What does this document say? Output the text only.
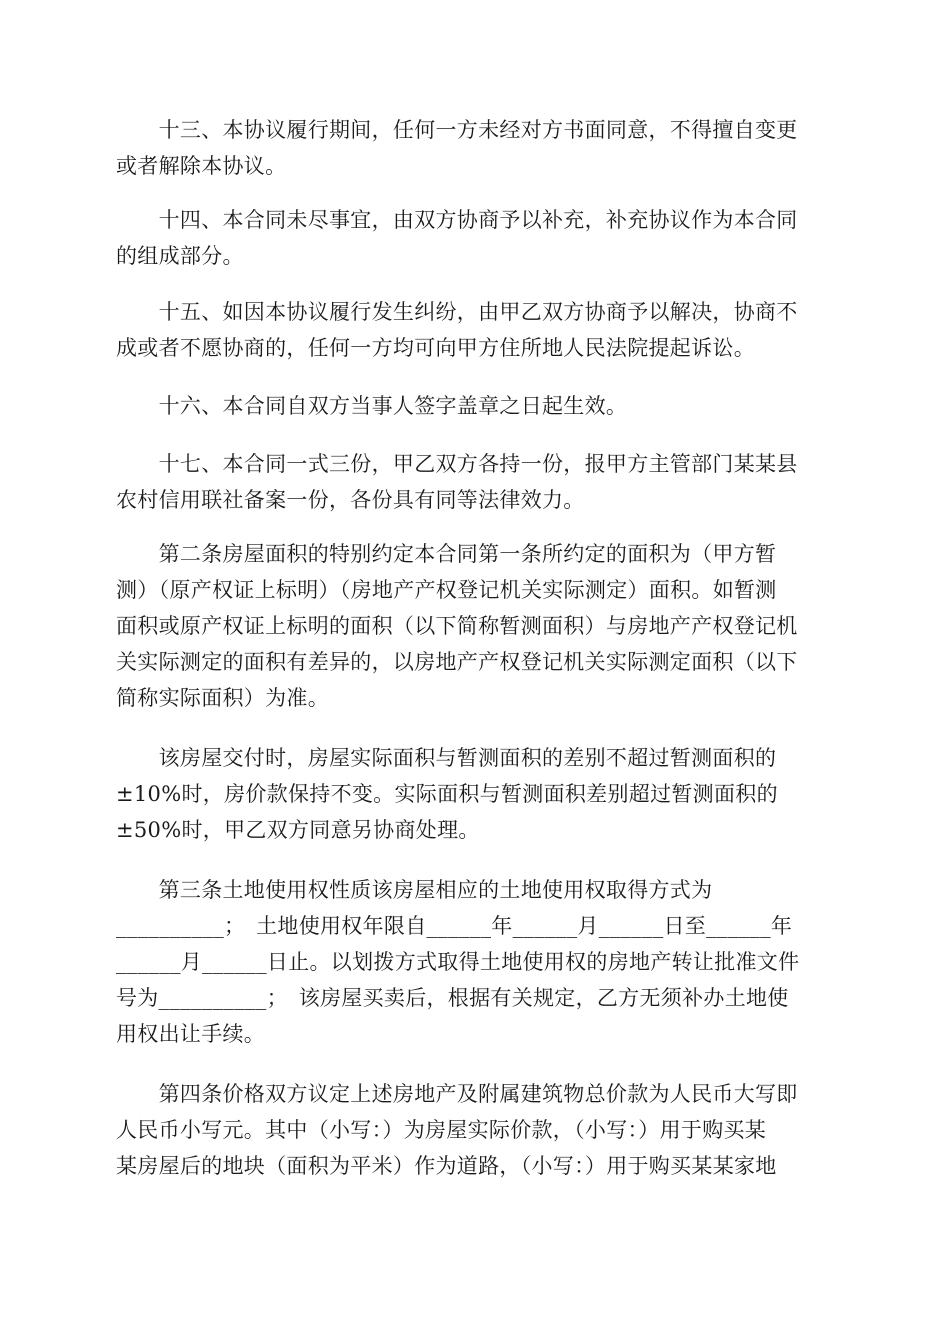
　　十三、本协议履行期间，任何一方未经对方书面同意，不得擅自变更
或者解除本协议。

　　十四、本合同未尽事宜，由双方协商予以补充，补充协议作为本合同
的组成部分。

　　十五、如因本协议履行发生纠纷，由甲乙双方协商予以解决，协商不
成或者不愿协商的，任何一方均可向甲方住所地人民法院提起诉讼。

　　十六、本合同自双方当事人签字盖章之日起生效。

　　十七、本合同一式三份，甲乙双方各持一份，报甲方主管部门某某县
农村信用联社备案一份，各份具有同等法律效力。

　　第二条房屋面积的特别约定本合同第一条所约定的面积为（甲方暂
测）（原产权证上标明）（房地产产权登记机关实际测定）面积。如暂测
面积或原产权证上标明的面积（以下简称暂测面积）与房地产产权登记机
关实际测定的面积有差异的，以房地产产权登记机关实际测定面积（以下
简称实际面积）为准。

　　该房屋交付时，房屋实际面积与暂测面积的差别不超过暂测面积的
±10%时，房价款保持不变。实际面积与暂测面积差别超过暂测面积的
±50%时，甲乙双方同意另协商处理。

　　第三条土地使用权性质该房屋相应的土地使用权取得方式为
__________；　土地使用权年限自______年______月______日至______年
______月______日止。以划拨方式取得土地使用权的房地产转让批准文件
号为__________；　该房屋买卖后，根据有关规定，乙方无须补办土地使
用权出让手续。

　　第四条价格双方议定上述房地产及附属建筑物总价款为人民币大写即
人民币小写元。其中（小写：）为房屋实际价款，（小写：）用于购买某
某房屋后的地块（面积为平米）作为道路，（小写：）用于购买某某家地
